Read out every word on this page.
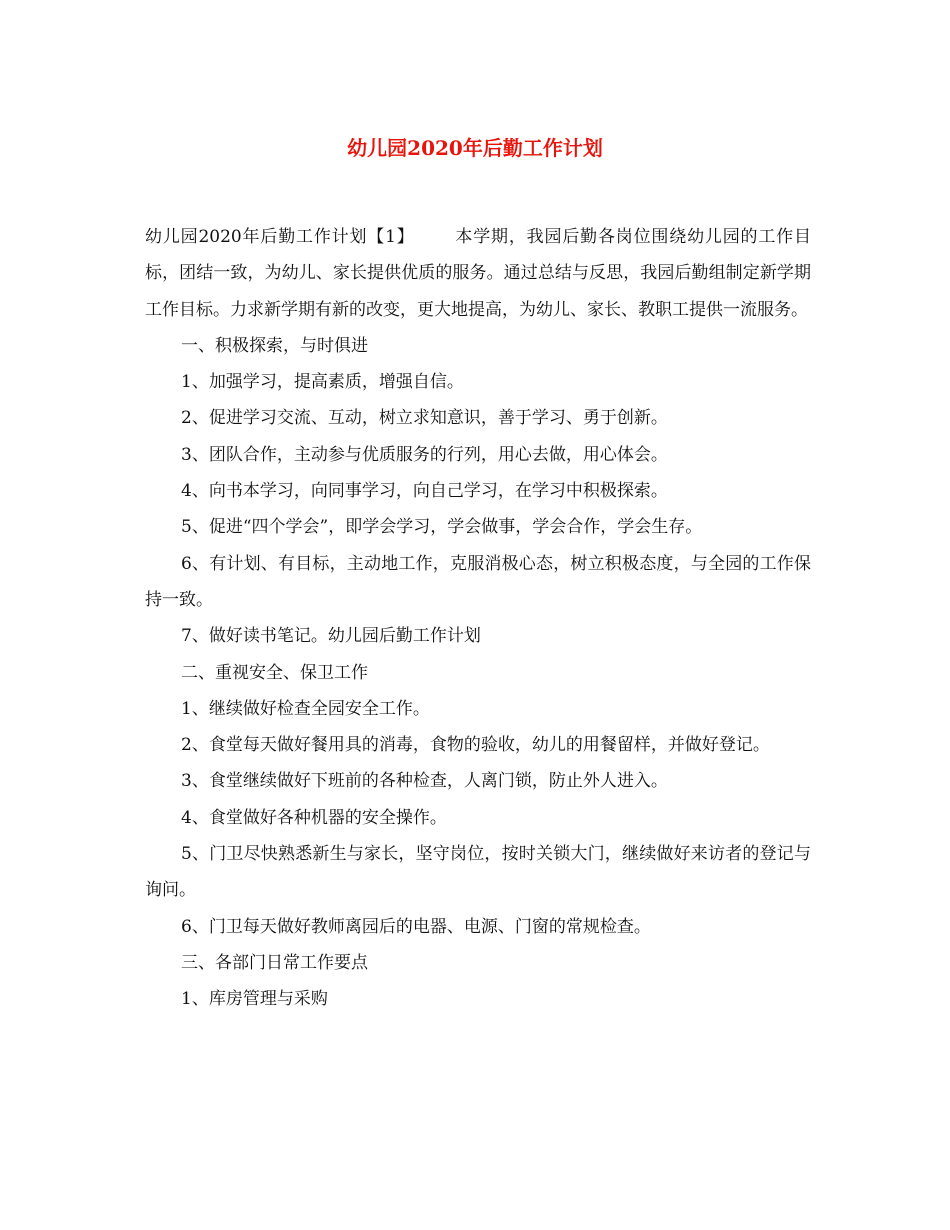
幼儿园2020年后勤工作计划

幼儿园2020年后勤工作计划【1】 本学期，我园后勤各岗位围绕幼儿园的工作目标，团结一致，为幼儿、家长提供优质的服务。通过总结与反思，我园后勤组制定新学期工作目标。力求新学期有新的改变，更大地提高，为幼儿、家长、教职工提供一流服务。

一、积极探索，与时俱进

1、加强学习，提高素质，增强自信。

2、促进学习交流、互动，树立求知意识，善于学习、勇于创新。

3、团队合作，主动参与优质服务的行列，用心去做，用心体会。

4、向书本学习，向同事学习，向自己学习，在学习中积极探索。

5、促进“四个学会”，即学会学习，学会做事，学会合作，学会生存。

6、有计划、有目标，主动地工作，克服消极心态，树立积极态度，与全园的工作保持一致。

7、做好读书笔记。幼儿园后勤工作计划

二、重视安全、保卫工作

1、继续做好检查全园安全工作。

2、食堂每天做好餐用具的消毒，食物的验收，幼儿的用餐留样，并做好登记。

3、食堂继续做好下班前的各种检查，人离门锁，防止外人进入。

4、食堂做好各种机器的安全操作。

5、门卫尽快熟悉新生与家长，坚守岗位，按时关锁大门，继续做好来访者的登记与询问。

6、门卫每天做好教师离园后的电器、电源、门窗的常规检查。

三、各部门日常工作要点

1、库房管理与采购
